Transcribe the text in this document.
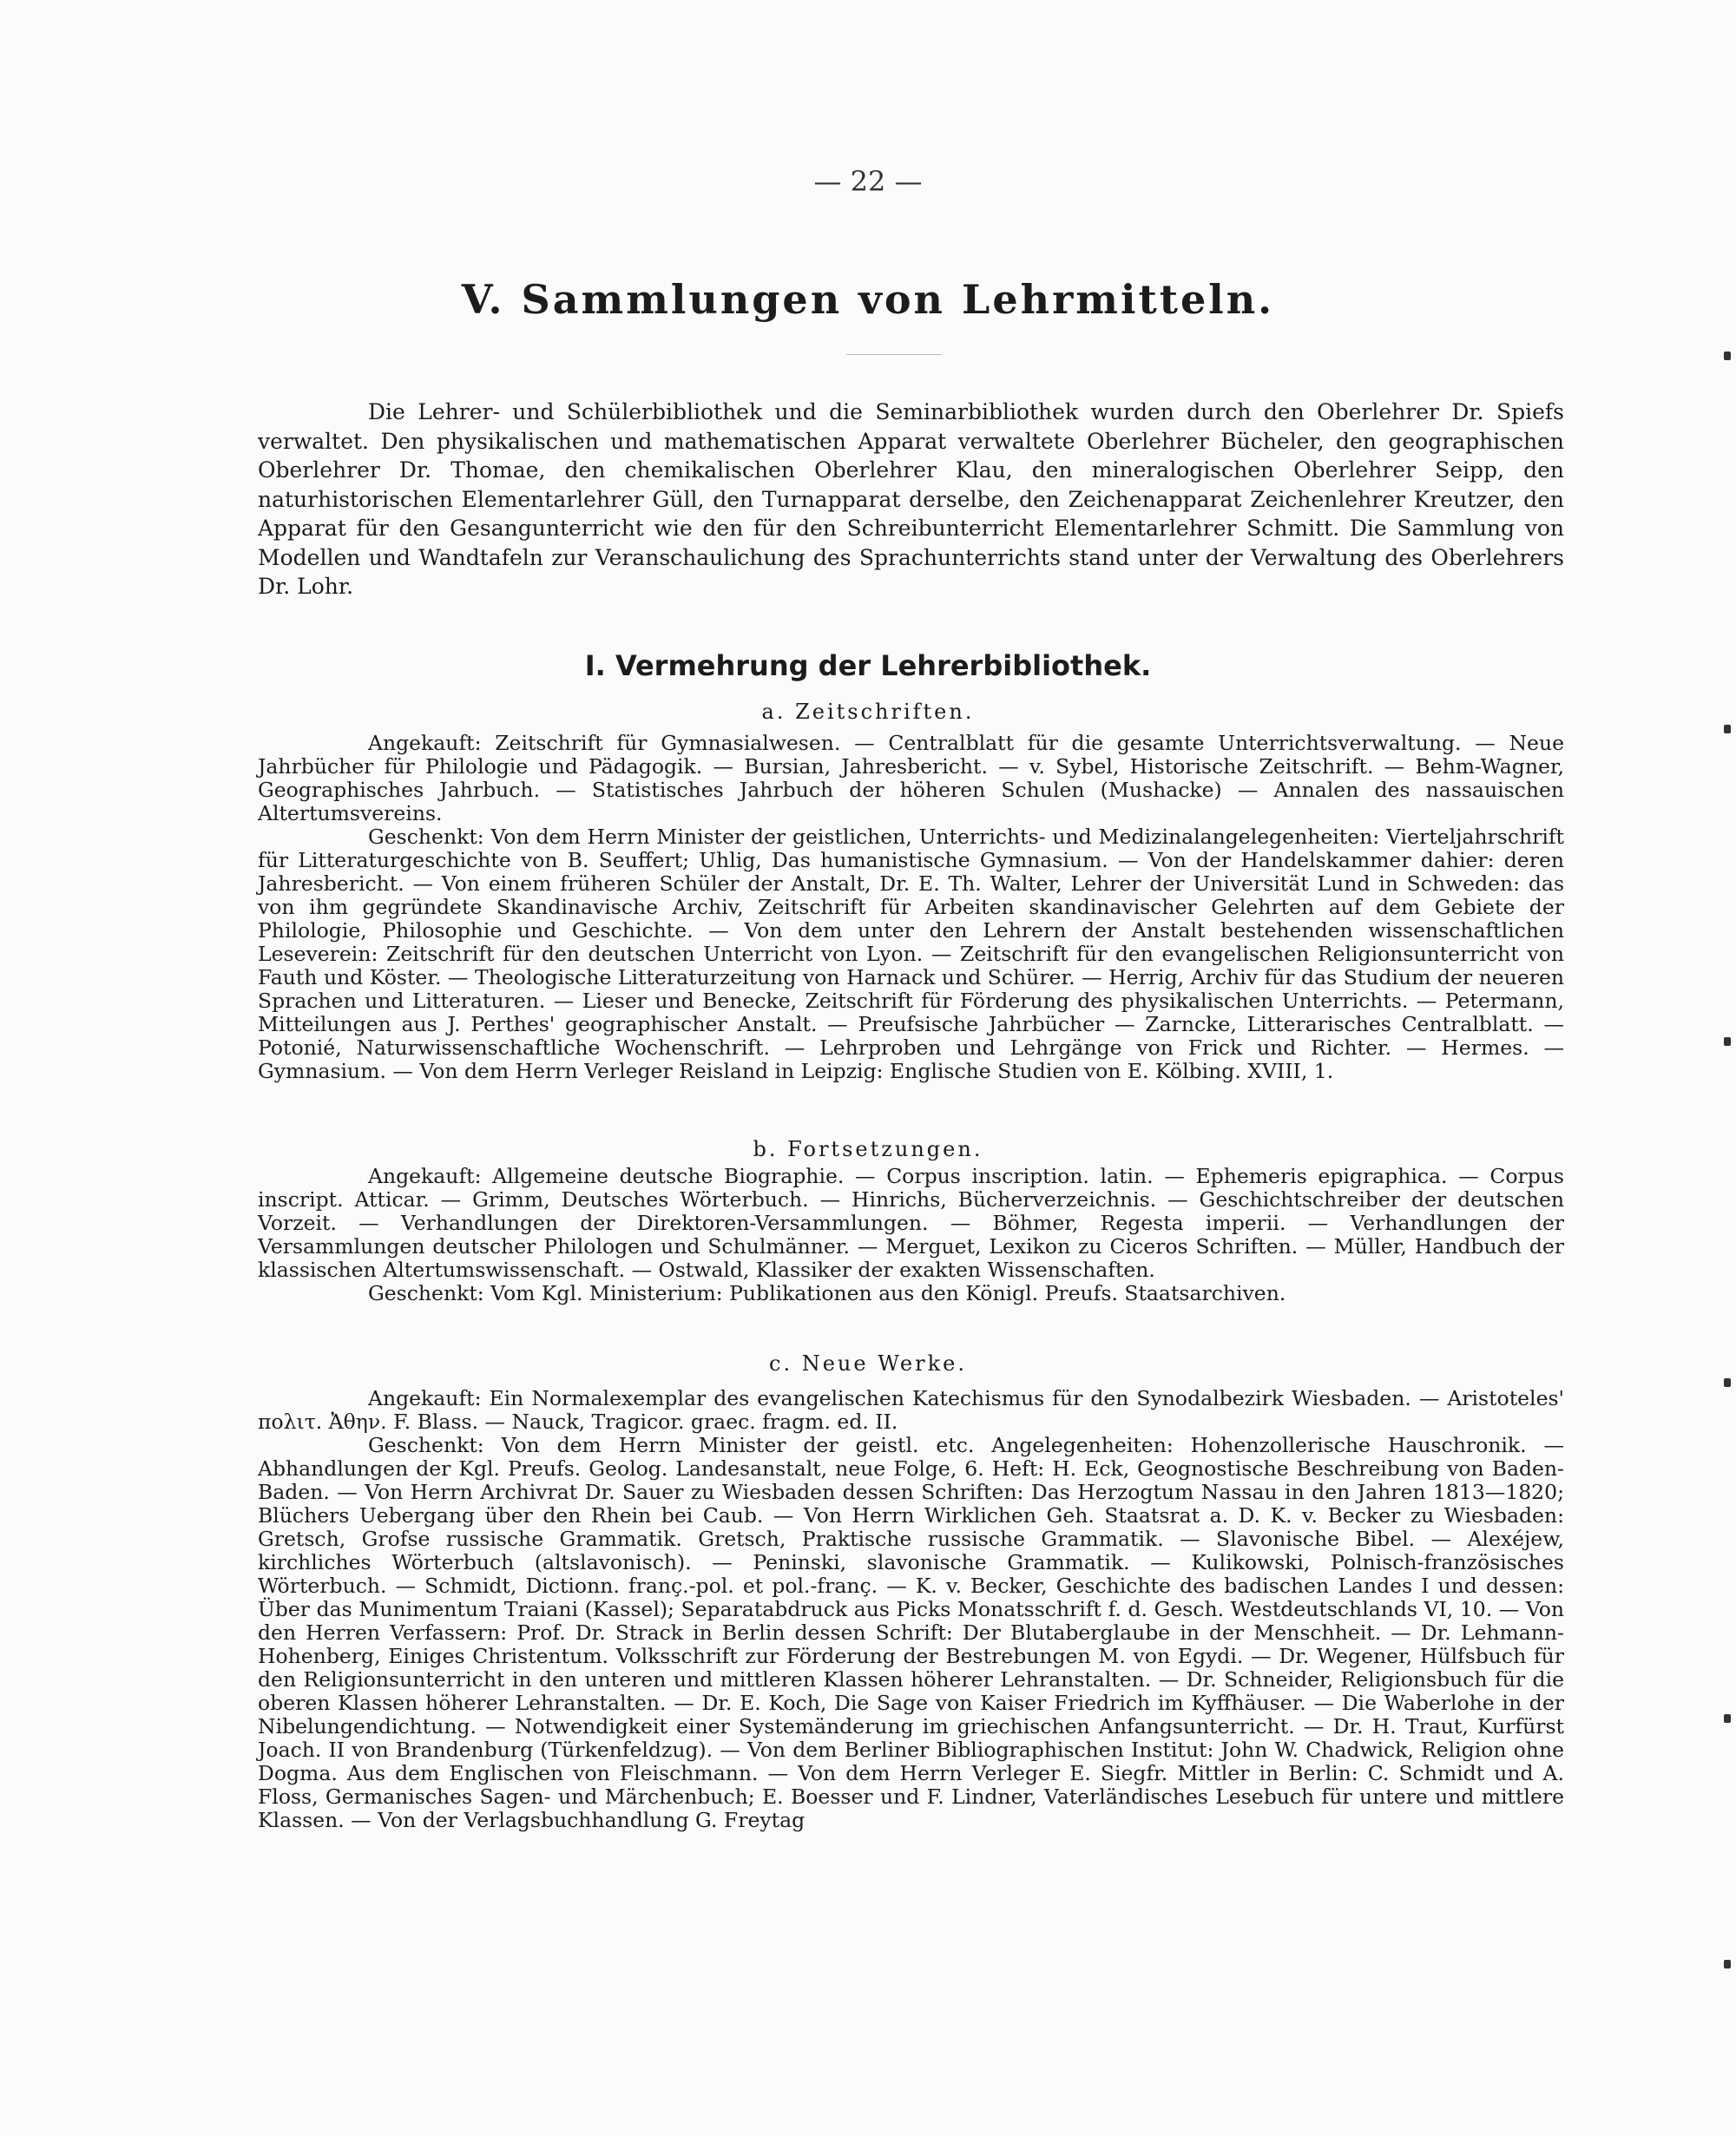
— 22 —
V. Sammlungen von Lehrmitteln.

Die Lehrer- und Schülerbibliothek und die Seminarbibliothek wurden durch den Oberlehrer Dr. Spiefs verwaltet. Den physikalischen und mathematischen Apparat verwaltete Oberlehrer Bücheler, den geographischen Oberlehrer Dr. Thomae, den chemikalischen Oberlehrer Klau, den mineralogischen Oberlehrer Seipp, den naturhistorischen Elementarlehrer Güll, den Turnapparat derselbe, den Zeichenapparat Zeichenlehrer Kreutzer, den Apparat für den Gesangunterricht wie den für den Schreibunterricht Elementarlehrer Schmitt. Die Sammlung von Modellen und Wandtafeln zur Veranschaulichung des Sprachunterrichts stand unter der Verwaltung des Oberlehrers Dr. Lohr.

I. Vermehrung der Lehrerbibliothek.
a. Zeitschriften.

Angekauft: Zeitschrift für Gymnasialwesen. — Centralblatt für die gesamte Unterrichtsverwaltung. — Neue Jahrbücher für Philologie und Pädagogik. — Bursian, Jahresbericht. — v. Sybel, Historische Zeitschrift. — Behm-Wagner, Geographisches Jahrbuch. — Statistisches Jahrbuch der höheren Schulen (Mushacke) — Annalen des nassauischen Altertumsvereins.

Geschenkt: Von dem Herrn Minister der geistlichen, Unterrichts- und Medizinalangelegenheiten: Vierteljahrschrift für Litteraturgeschichte von B. Seuffert; Uhlig, Das humanistische Gymnasium. — Von der Handelskammer dahier: deren Jahresbericht. — Von einem früheren Schüler der Anstalt, Dr. E. Th. Walter, Lehrer der Universität Lund in Schweden: das von ihm gegründete Skandinavische Archiv, Zeitschrift für Arbeiten skandinavischer Gelehrten auf dem Gebiete der Philologie, Philosophie und Geschichte. — Von dem unter den Lehrern der Anstalt bestehenden wissenschaftlichen Leseverein: Zeitschrift für den deutschen Unterricht von Lyon. — Zeitschrift für den evangelischen Religionsunterricht von Fauth und Köster. — Theologische Litteraturzeitung von Harnack und Schürer. — Herrig, Archiv für das Studium der neueren Sprachen und Litteraturen. — Lieser und Benecke, Zeitschrift für Förderung des physikalischen Unterrichts. — Petermann, Mitteilungen aus J. Perthes' geographischer Anstalt. — Preufsische Jahrbücher — Zarncke, Litterarisches Centralblatt. — Potonié, Naturwissenschaftliche Wochenschrift. — Lehrproben und Lehrgänge von Frick und Richter. — Hermes. —Gymnasium. — Von dem Herrn Verleger Reisland in Leipzig: Englische Studien von E. Kölbing. XVIII, 1.

b. Fortsetzungen.

Angekauft: Allgemeine deutsche Biographie. — Corpus inscription. latin. — Ephemeris epigraphica. — Corpus inscript. Atticar. — Grimm, Deutsches Wörterbuch. — Hinrichs, Bücherverzeichnis. — Geschichtschreiber der deutschen Vorzeit. — Verhandlungen der Direktoren-Versammlungen. — Böhmer, Regesta imperii. — Verhandlungen der Versammlungen deutscher Philologen und Schulmänner. — Merguet, Lexikon zu Ciceros Schriften. — Müller, Handbuch der klassischen Altertumswissenschaft. — Ostwald, Klassiker der exakten Wissenschaften.

Geschenkt: Vom Kgl. Ministerium: Publikationen aus den Königl. Preufs. Staatsarchiven.

c. Neue Werke.

Angekauft: Ein Normalexemplar des evangelischen Katechismus für den Synodalbezirk Wiesbaden. — Aristoteles' πολιτ. Ἀθην. F. Blass. — Nauck, Tragicor. graec. fragm. ed. II.

Geschenkt: Von dem Herrn Minister der geistl. etc. Angelegenheiten: Hohenzollerische Hauschronik. — Abhandlungen der Kgl. Preufs. Geolog. Landesanstalt, neue Folge, 6. Heft: H. Eck, Geognostische Beschreibung von Baden-Baden. — Von Herrn Archivrat Dr. Sauer zu Wiesbaden dessen Schriften: Das Herzogtum Nassau in den Jahren 1813—1820; Blüchers Uebergang über den Rhein bei Caub. — Von Herrn Wirklichen Geh. Staatsrat a. D. K. v. Becker zu Wiesbaden: Gretsch, Grofse russische Grammatik. Gretsch, Praktische russische Grammatik. — Slavonische Bibel. — Alexéjew, kirchliches Wörterbuch (altslavonisch). — Peninski, slavonische Grammatik. — Kulikowski, Polnisch-französisches Wörterbuch. — Schmidt, Dictionn. franç.-pol. et pol.-franç. — K. v. Becker, Geschichte des badischen Landes I und dessen: Über das Munimentum Traiani (Kassel); Separatabdruck aus Picks Monatsschrift f. d. Gesch. Westdeutschlands VI, 10. — Von den Herren Verfassern: Prof. Dr. Strack in Berlin dessen Schrift: Der Blutaberglaube in der Menschheit. — Dr. Lehmann-Hohenberg, Einiges Christentum. Volksschrift zur Förderung der Bestrebungen M. von Egydi. — Dr. Wegener, Hülfsbuch für den Religionsunterricht in den unteren und mittleren Klassen höherer Lehranstalten. — Dr. Schneider, Religionsbuch für die oberen Klassen höherer Lehranstalten. — Dr. E. Koch, Die Sage von Kaiser Friedrich im Kyffhäuser. — Die Waberlohe in der Nibelungendichtung. — Notwendigkeit einer Systemänderung im griechischen Anfangsunterricht. — Dr. H. Traut, Kurfürst Joach. II von Brandenburg (Türkenfeldzug). — Von dem Berliner Bibliographischen Institut: John W. Chadwick, Religion ohne Dogma. Aus dem Englischen von Fleischmann. — Von dem Herrn Verleger E. Siegfr. Mittler in Berlin: C. Schmidt und A. Floss, Germanisches Sagen- und Märchenbuch; E. Boesser und F. Lindner, Vaterländisches Lesebuch für untere und mittlere Klassen. — Von der Verlagsbuchhandlung G. Freytag
